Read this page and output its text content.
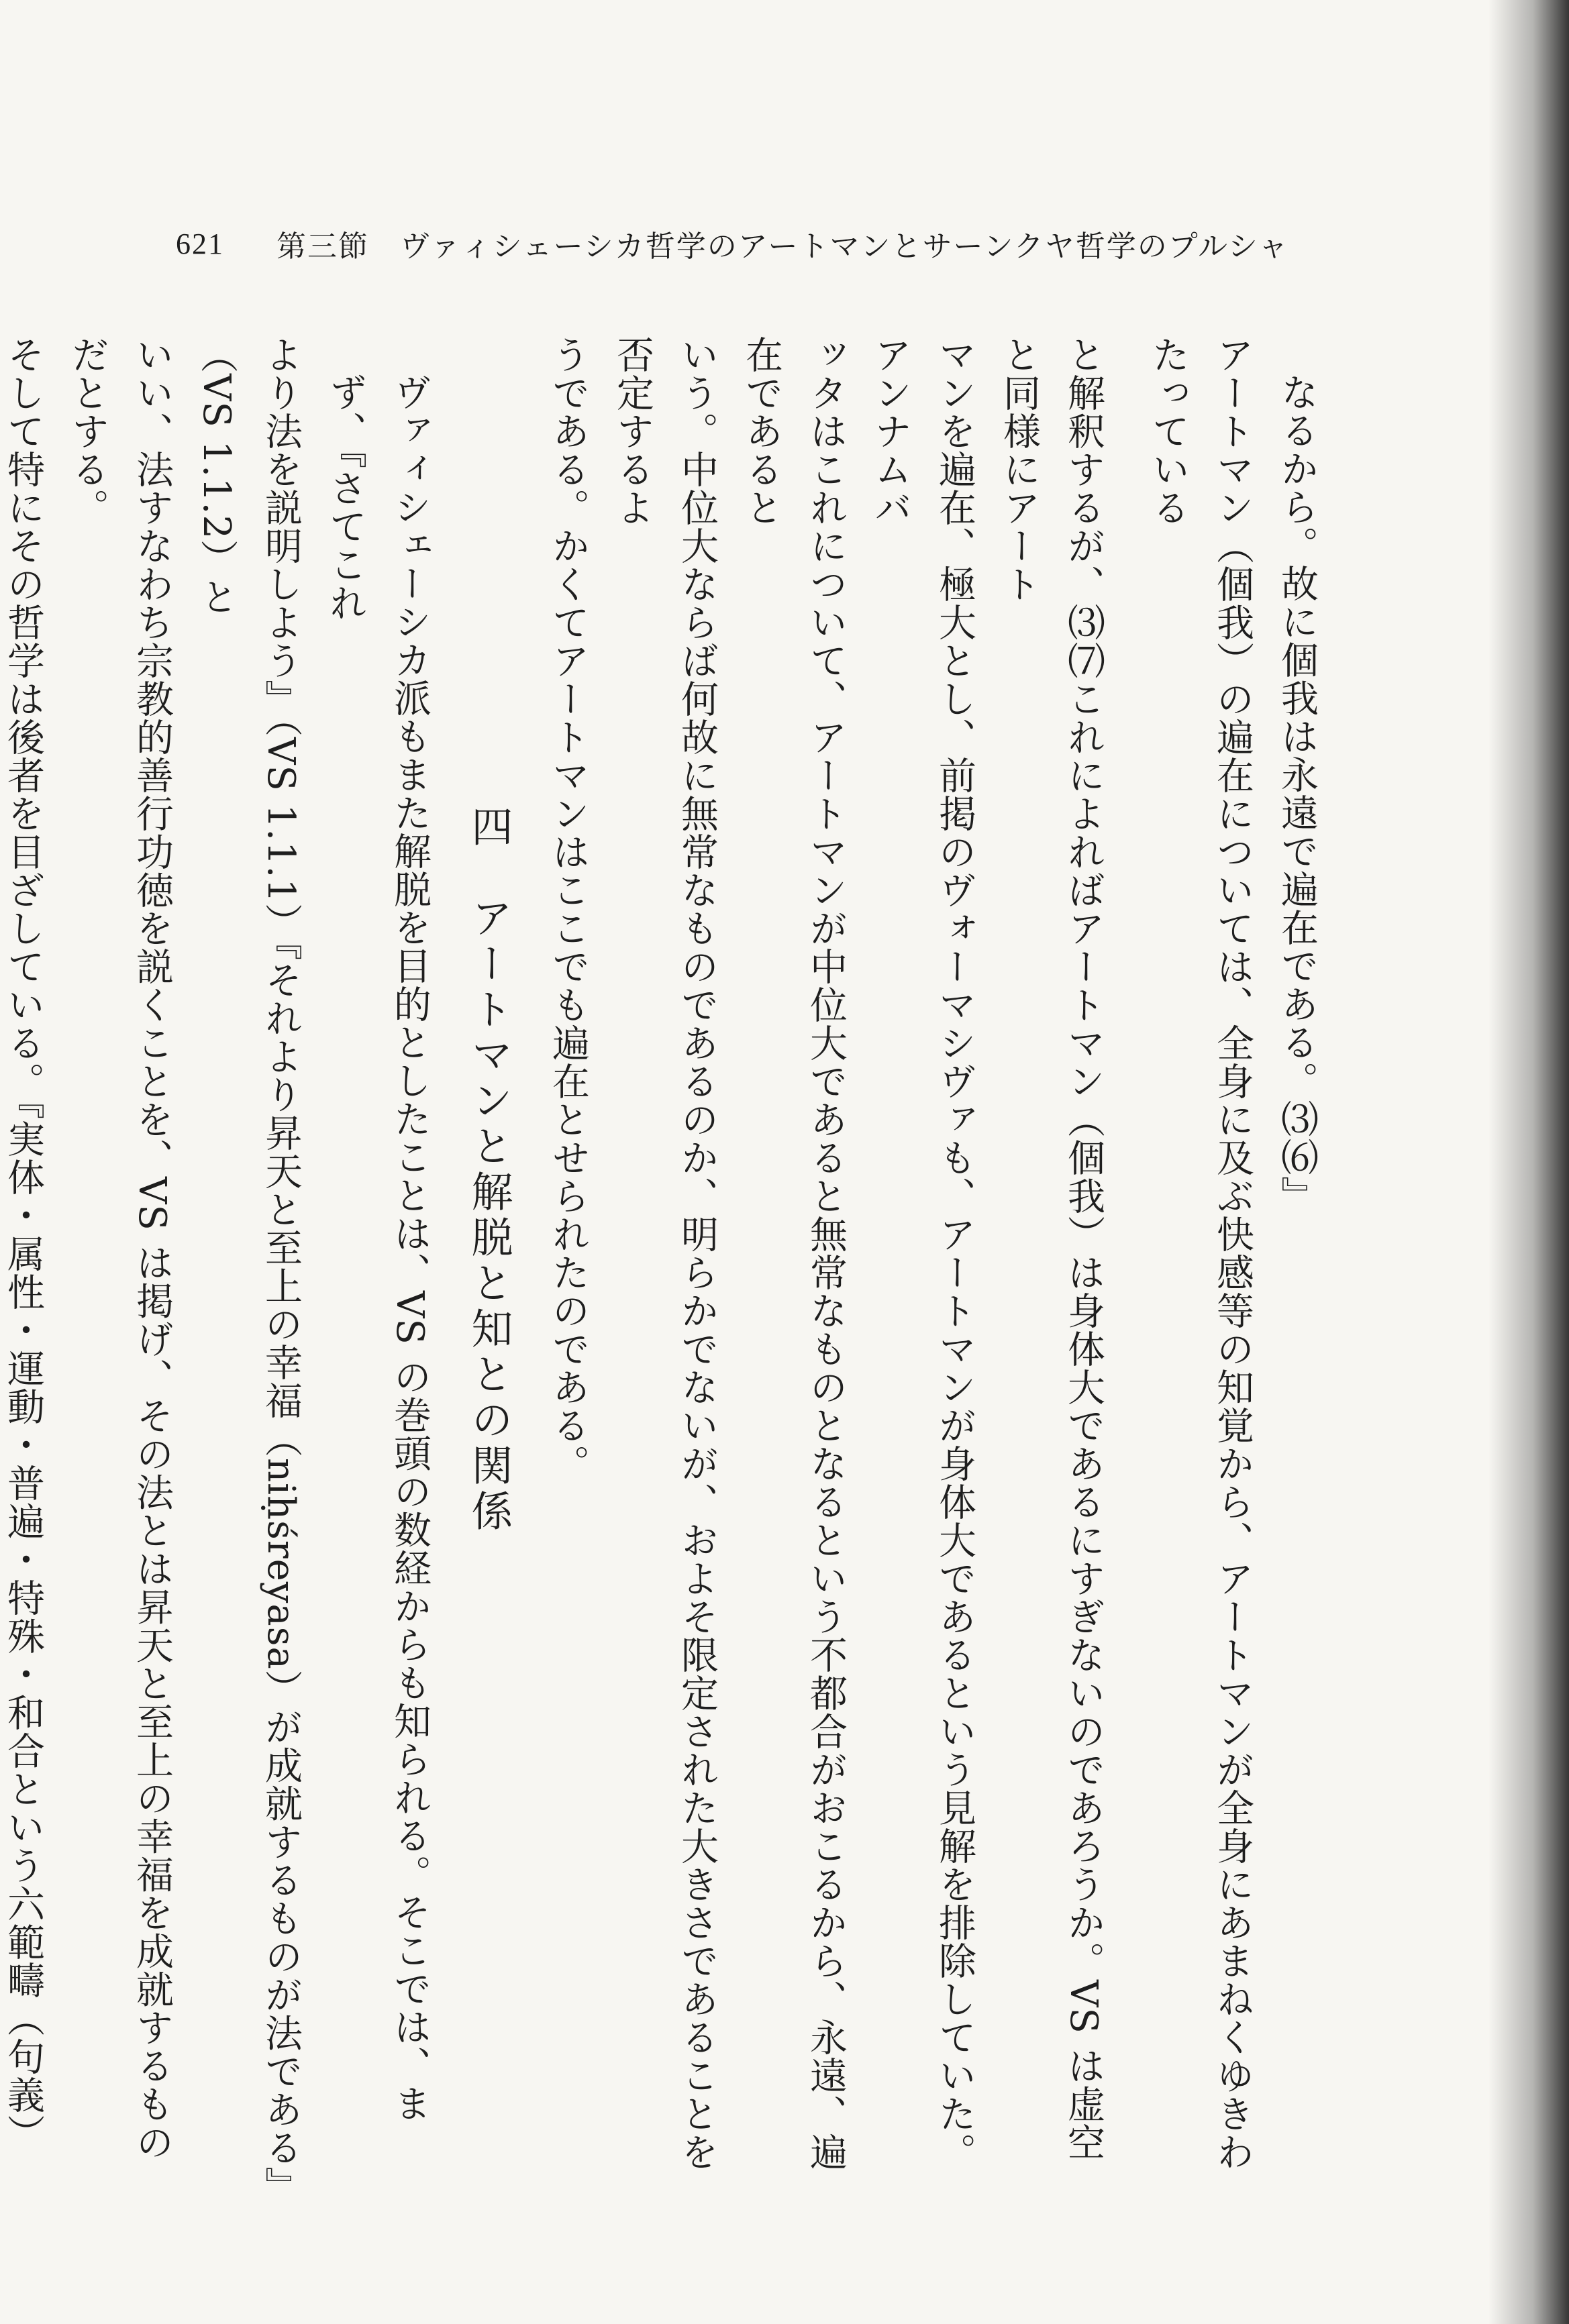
621	第三節　ヴァィシェーシカ哲学のアートマンとサーンクヤ哲学のプルシャ

なるから。故に個我は永遠で遍在である。⑶⑹』

アートマン（個我）の遍在については、全身に及ぶ快感等の知覚から、アートマンが全身にあまねくゆきわたっている

と解釈するが、⑶⑺これによればアートマン（個我）は身体大であるにすぎないのであろうか。VS は虚空と同様にアート

マンを遍在、極大とし、前掲のヴォーマシヴァも、アートマンが身体大であるという見解を排除していた。アンナムバ

ッタはこれについて、アートマンが中位大であると無常なものとなるという不都合がおこるから、永遠、遍在であると

いう。中位大ならば何故に無常なものであるのか、明らかでないが、およそ限定された大きさであることを否定するよ

うである。かくてアートマンはここでも遍在とせられたのである。

四　アートマンと解脱と知との関係

ヴァィシェーシカ派もまた解脱を目的としたことは、VS の巻頭の数経からも知られる。そこでは、まず、『さてこれ

より法を説明しよう』（VS 1.1.1）『それより昇天と至上の幸福（niḥśreyasa）が成就するものが法である』（VS 1.1.2）と

いい、法すなわち宗教的善行功徳を説くことを、VS は掲げ、その法とは昇天と至上の幸福を成就するものだとする。

そして特にその哲学は後者を目ざしている。『実体・属性・運動・普遍・特殊・和合という六範疇（句義）
